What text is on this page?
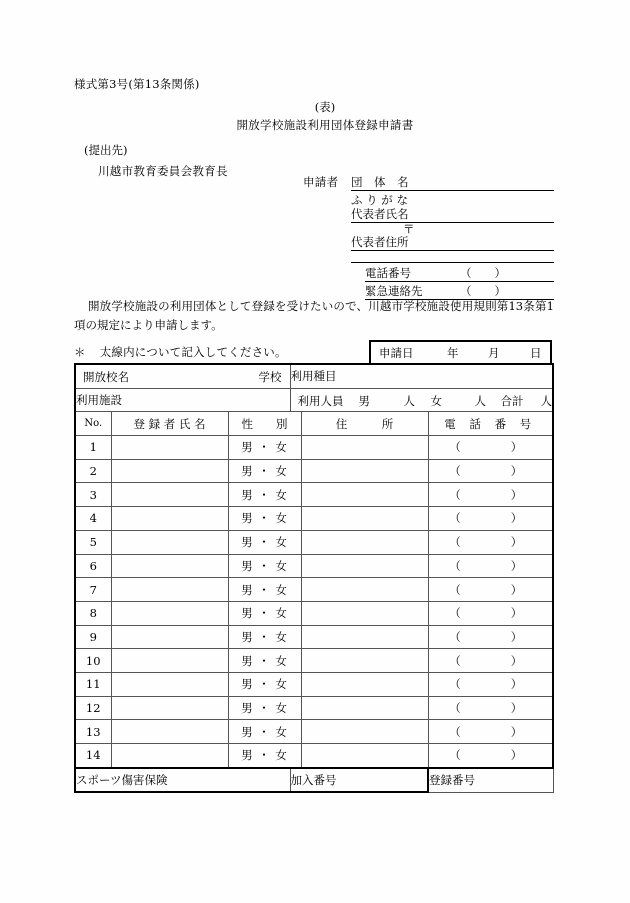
様式第3号(第13条関係)
(表)
開放学校施設利用団体登録申請書
(提出先)
川越市教育委員会教育長
申請者 団　体　名
ふ り が な
代表者氏名
〒
代表者住所
電話番号	（　　）
緊急連絡先	（　　）
開放学校施設の利用団体として登録を受けたいので、川越市学校施設使用規則第13条第1項の規定により申請します。
＊ 太線内について記入してください。	申請日	年	月	日
開放校名 学校			利用種目		
利用施設	利用人員 男	人 女	人 合計 人

No.	登 録 者 氏 名	性　　別		住　　　所	電 話 番 号
1		男 ・ 女			（　　）
2		男 ・ 女			（　　）
3		男 ・ 女			（　　）
4		男 ・ 女			（　　）
5		男 ・ 女			（　　）
6		男 ・ 女			（　　）
7		男 ・ 女			（　　）
8		男 ・ 女			（　　）
9		男 ・ 女			（　　）
10		男 ・ 女			（　　）
11		男 ・ 女			（　　）
12		男 ・ 女			（　　）
13		男 ・ 女			（　　）
14		男 ・ 女			（　　）
スポーツ傷害保険			加入番号		登録番号
